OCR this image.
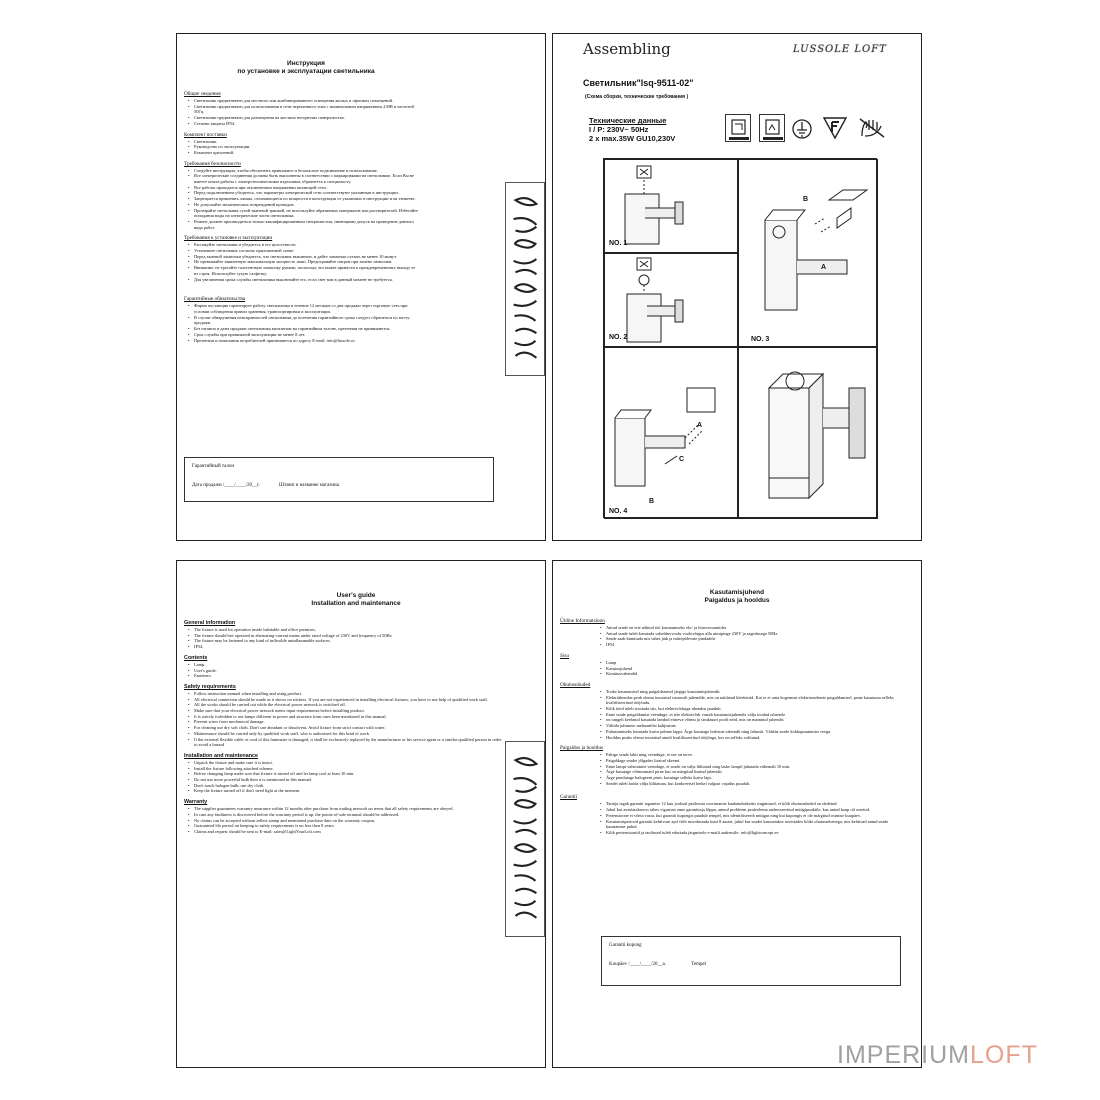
Инструкция
по установке и эксплуатации светильника
Общие сведения
• Светильник предназначен для местного или комбинированного освещения жилых и офисных помещений.
• Светильник предназначен для использования в сети переменного тока с номинальным напряжением 230В и частотой 50Гц.
• Светильник предназначен для размещения на жестких негорючих поверхностях.
• Степень защиты IP54.
Комплект поставки
• Светильник.
• Руководство по эксплуатации.
• Комплект креплений.
Требования безопасности
• Следуйте инструкции, чтобы обеспечить правильное и безопасное подключение и использование.
• Все электрические соединения должны быть выполнены в соответствии с маркировками на светильнике. Если Вы не имеете опыта работы с электротехническими изделиями, обратитесь к специалисту.
• Все работы проводятся при отключенном напряжении питающей сети.
• Перед подключением убедитесь, что параметры электрической сети соответствуют указанным в инструкции.
• Запрещается применять лампы, отличающиеся по мощности в конструкции от указанных в инструкции и на этикетке.
• Не допускайте механических повреждений проводов.
• Протирайте светильник сухой тканевой тряпкой, не используйте абразивных материалов или растворителей. Избегайте попадания воды на электрические части светильника.
• Ремонт должен производиться только квалифицированным специалистом, имеющими допуск на проведение данного вида работ.
Требования к установке и эксплуатации
• Распакуйте светильник и убедитесь в его целостности.
• Установите светильник согласно приложенной схеме.
• Перед заменой лампочки убедитесь, что светильник выключен, и дайте лампочке остыть не менее 10 минут.
• Не превышайте заявленную максимальную мощность ламп. Предохраняйте патрон при замене лампочки.
• Внимание: не трогайте галогеновую лампочку руками, поскольку это может привести к преждевременному выходу ее из строя. Используйте сухую салфетку.
• Для увеличения срока службы светильника выключайте его, если свет вам в данный момент не требуется.
Гарантийные обязательства
• Фирма поставщик гарантирует работу светильника в течение 12 месяцев со дня продажи через торговую сеть при условии соблюдения правил хранения, транспортировки и эксплуатации.
• В случае обнаружения неисправностей светильника до истечения гарантийного срока следует обратиться по месту продажи.
• Без штампа и даты продажи светильника магазином на гарантийном талоне, претензии не принимаются.
• Срок службы при правильной эксплуатации не менее 8 лет.
• Претензии и пожелания потребителей принимаются по адресу E-mail: info@lussole.ru
Гарантийный талон
Дата продажи /____/____/20__г.	Штамп и название магазина
Assembling	LUSSOLE LOFT
Светильник"lsq-9511-02"
(Схема сборки, технические требования )
Технические данные
I / P: 230V~ 50Hz
2 x max.35W GU10,230V
NO. 1
NO. 2
B
A
NO. 3
A
C
B
NO. 4
User's guide
Installation and maintenance
General information
• The fixture is used for operation inside habitable and office premises.
• The fixture should bee operated in alternating-current mains under rated voltage of 230V and frequency of 50Hz
• The fixture may be fastened to any kind of inflexible uninflammable surfaces.
• IP54.
Contents
• Lamp.
• User's guide.
• Fasteners.
Safety requirements
• Follow instruction manual when installing and using product.
• All electrical connection should be made as it shows on stickers. If you are not experienced in installing electrical fixtures, you have to use help of qualified work staff.
• All the works should be carried out while the electrical power network is switched off.
• Make sure that your electrical power network meets input requirements before installing product.
• It is strictly forbidden to use lamps different in power and structure from ones been mentioned in this manual.
• Prevent wires from mechanical damage.
• For cleaning use dry soft cloth. Don't use abradant or dissolvent. Avoid fixture from strict contact with water.
• Maintenance should be carried only by qualified work staff, who is authorized for this kind of work.
• If the external flexible cable or cord of this luminaire is damaged, it shall be exclusively replaced by the manufacturer or his service agent or a similar qualified person in order to avoid a hazard
Installation and maintenance
• Unpack the fixture and make sure it is intact.
• Install the fixture following attached scheme.
• Before changing lamp make sure that fixture is turned off and let lamp cool at least 10 min.
• Do not use more powerful bulb then it is mentioned in this manual.
• Don't touch halogen bulb, use dry cloth.
• Keep the fixture turned off if don't need light at the moment.
Warranty
• The supplier guarantees warranty assurance within 12 months after purchase from trading network on terms that all safety requirements are obeyed.
• In case any faultiness is discovered before the warranty period is up, the points-of-sale terminal should be addressed.
• No claims can be accepted without sellers stamp and mentioned purchase date on the warranty coupon.
• Guaranteed life period on keeping to safety requirements is no less then 8 years.
• Claims and request should be sent to E-mail: sales@LightYourLoft.com
Kasutamisjuhend
Paigaldus ja hooldus
Üldine Informatsioon
• Antud seade on ette nähtud töö kasutamiseks elu- ja büroorruumides
• Antud seade tuleb kasutada vahelduvvoolu vooluvõrgus alla nimipinge 230V ja sagedusega 50Hz
• Seade saab kinnitada mis tahes jäik ja mittepõlevate pindadele
• IP54
Sisu
• Lamp
• Kasutusjuhend
• Kinnitusvahendid
Ohutusnõuded
• Tooke kasutamisel ning paigaldamisel järgige kasutamisjuhendit.
• Elektriühendus peab olema teostatud vastavalt juhendile, mis on näidatud kleebisiid. Kui te ei oma kogemust elektriseadmete paigaldamisel, peate kasutama selleks kvalifitseeritud tööjõudu.
• Kõik tööd tuleb teostada siis, kui elektrivõrkuga ühendus puudub.
• Enne seade paigaldamist veenduge, et teie elektrivõrk vastab kasutamisjuhendis välja toodud nõuetele
• on rangelt keelatud kasutada lambid erineva võimu ja struktuuri poolt neid, mis on mainitud juhendis
• Vältida juhtmete mehaanilist kahjustust.
• Puhastamiseks kasutada kuiva pehme lappi. Ärge kasutage leahivat vahendit ning lahustit. Vältida seade kokkupuutumist veega.
• Hooldus peaks olema teostatud ainult kvalifitseeritud tööjõuga, kes on selleks volitatud.
Paigaldus ja hooldus
• Pakige seade lahti ning veenduge, et see on terve.
• Paigaldage seadet jõlgades lisatud skeemi.
• Enne lampi vahetamist veenduge, et seade on välja lülitatud ning laske lampil jahutada vähemalt 10 min.
• Ärge kasutage võimsamaid pirne kui on märgitud lisatud juhendis
• Ärge puudutage halogeeni pirni, kasutage selleks kuiva lapi.
• Seadet tuleb hoida välja lülitatuna, kui konkreetsel hetkel valgust vajadus puudub.
Garantii
• Tarnija tagab garantii tagamise 12 kuu jooksul pealeostu soorimanist kaubanduskettis tingimusel, et kõik ohutusnõuded on täidetud.
• Juhul kui avastatakseoss tahes vigastust enne garantiiaja lõppu, annud probleem pealeolema aadresseeritud müügipunktile, kus antud kaup oli ostetud.
• Pretensioone ei võeta vastu, kui garantii kupongis puudub tempel, mis identifitseerib müügut ning kui kupongis ei ole märgitud ostmise kuupäev.
• Kasutamisperiood garantii kehtivuse ajal võib moodustada kuni 8 aastat, juhul kui seadet kasutatakse arvestades kõiki ohutusnõuetega, mis kehtivad antud seade kasutamise puhul.
• Kõik pretensioonid ja taotlused tuleb edastada järgmisele e-maili aadressile: info@lightconcept.ee
Garantii kupong
Kuupäev /____/____/20__a.	Tempel
IMPERIUMLOFT
